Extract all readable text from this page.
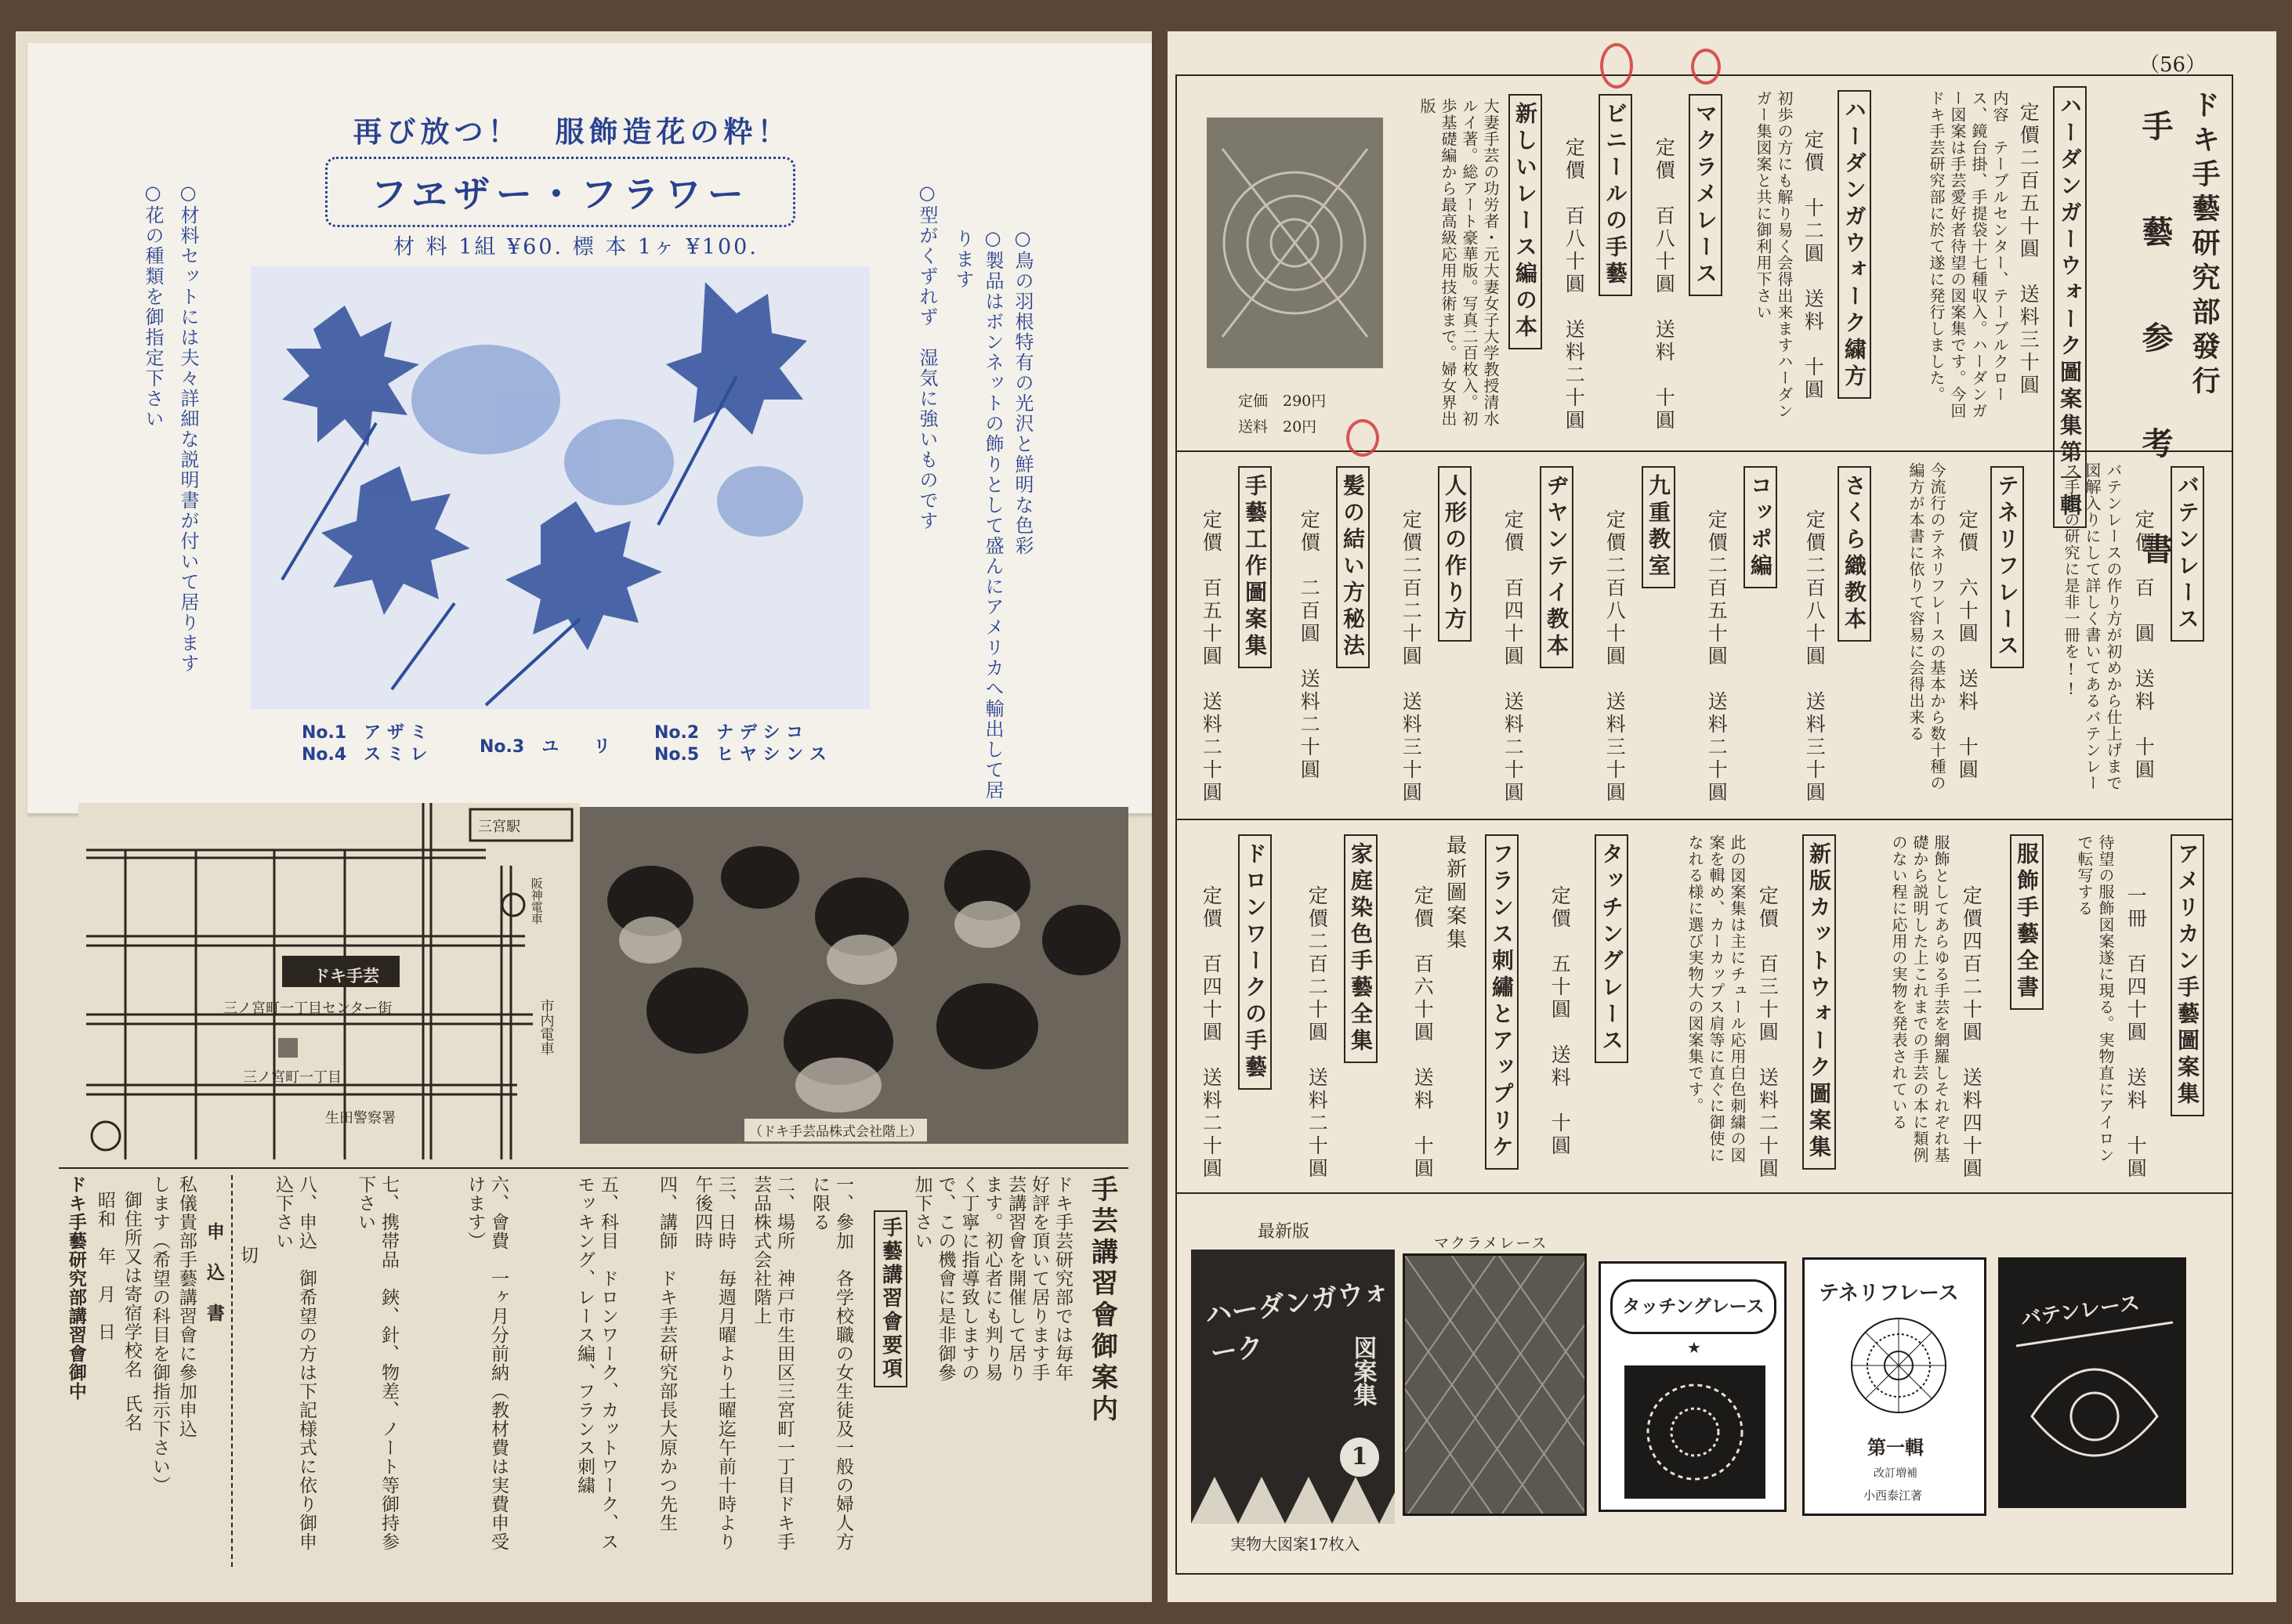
再び放つ！　服飾造花の粋！
フヱザー・フラワー
材 料 1組 ¥60. 標 本 1ヶ ¥100.	○鳥の羽根特有の光沢と鮮明な色彩
○製品はボンネットの飾りとして盛んにアメリカへ輸出して居
ります
○型がくずれず　湿気に強いものです
○材料セットには夫々詳細な説明書が付いて居ります
○花の種類を御指定下さい
No.1　ア ザ ミ
No.4　ス ミ レ	No.3　ユ　　リ
No.2　ナ デ シ コ
No.5　ヒ ヤ シ ン ス
三宮駅
三ノ宮町一丁目センター街
三ノ宮町一丁目
ドキ手芸
生田警察署
市内電車
阪神電車
（ドキ手芸品株式会社階上）
手芸講習會御案内
ドキ手芸研究部では毎年好評を頂いて居ります手芸講習會を開催して居ります。初心者にも判り易く丁寧に指導致しますので、この機會に是非御參加下さい
手藝講習會要項
一、參加　各学校職の女生徒及一般の婦人方に限る
二、場所　神戸市生田区三宮町一丁目ドキ手芸品株式会社階上
三、日時　毎週月曜より土曜迄午前十時より午後四時
四、講師　ドキ手芸研究部長大原かつ先生
五、科目　ドロンワーク、カットワーク、スモッキング、レース編、フランス刺繍
六、會費　一ヶ月分前納（教材費は実費申受けます）
七、携帯品　鋏、針、物差、ノート等御持参下さい
八、申込　御希望の方は下記様式に依り御申込下さい
切
申 込 書
私儀貴部手藝講習會に參加申込
します（希望の科目を御指示下さい）
御住所又は寄宿学校名
氏名
昭和　年　月　日
ドキ手藝研究部講習會御中
（56）
ドキ手藝研究部發行
手 藝 参 考 書
ハーダンガーウォーク圖案集第一輯
定價二百五十圓　送料三十圓
内容　テーブルセンター、テーブルクロース、鏡台掛、手提袋十七種収入。ハーダンガー図案は手芸愛好者待望の図案集です。今回ドキ手芸研究部に於て遂に発行しました。
ハーダンガウォーク繍方
定價　十二圓　送料　十圓
初歩の方にも解り易く会得出来ますハーダンガー集図案と共に御利用下さい
マクラメレース
定價　百八十圓　送料　十圓
ビニールの手藝
定價　百八十圓　送料二十圓
新しいレース編の本
大妻手芸の功労者・元大妻女子大学教授清水ルイ著。総アート豪華版。写真二百枚入。初歩基礎編から最高級応用技術まで。婦女界出版
定価　290円
送料　20円
バテンレース
定價　百　圓　送料　十圓
バテンレースの作り方が初めから仕上げまで図解入りにして詳しく書いてあるバテンレース手芸の研究に是非一冊を!!
テネリフレース
定價　六十圓　送料　十圓
今流行のテネリフレースの基本から数十種の編方が本書に依りて容易に会得出来る
さくら織教本
定價二百八十圓　送料三十圓
コッポ編
定價二百五十圓　送料二十圓
九重教室
定價二百八十圓　送料三十圓
ヂヤンテイ教本
定價　百四十圓　送料二十圓
人形の作り方
定價二百二十圓　送料三十圓
髪の結い方秘法
定價　二百圓　送料二十圓
手藝工作圖案集
定價　百五十圓　送料二十圓
アメリカン手藝圖案集
一冊　百四十圓　送料　十圓
待望の服飾図案遂に現る。実物直にアイロンで転写する
服飾手藝全書
定價四百二十圓　送料四十圓
服飾としてあらゆる手芸を網羅しそれぞれ基礎から説明した上これまでの手芸の本に類例のない程に応用の実物を発表されている
新版カットウォーク圖案集
定價　百三十圓　送料二十圓
此の図案集は主にチュール応用白色刺繍の図案を輯め、カーカップス肩等に直ぐに御使になれる様に選び実物大の図案集です。
タッチングレース
定價　五十圓　送料　十圓
フランス刺繡とアップリケ
最新圖案集
定價　百六十圓　送料　十圓
家庭染色手藝全集
定價二百二十圓　送料二十圓
ドロンワークの手藝
定價　百四十圓　送料二十圓
最新版
マクラメレース
ハーダンガウォーク	図案集
1
タッチングレース
★
テネリフレース
第一輯
改訂増補
小西泰江著
バテンレース
実物大図案17枚入
